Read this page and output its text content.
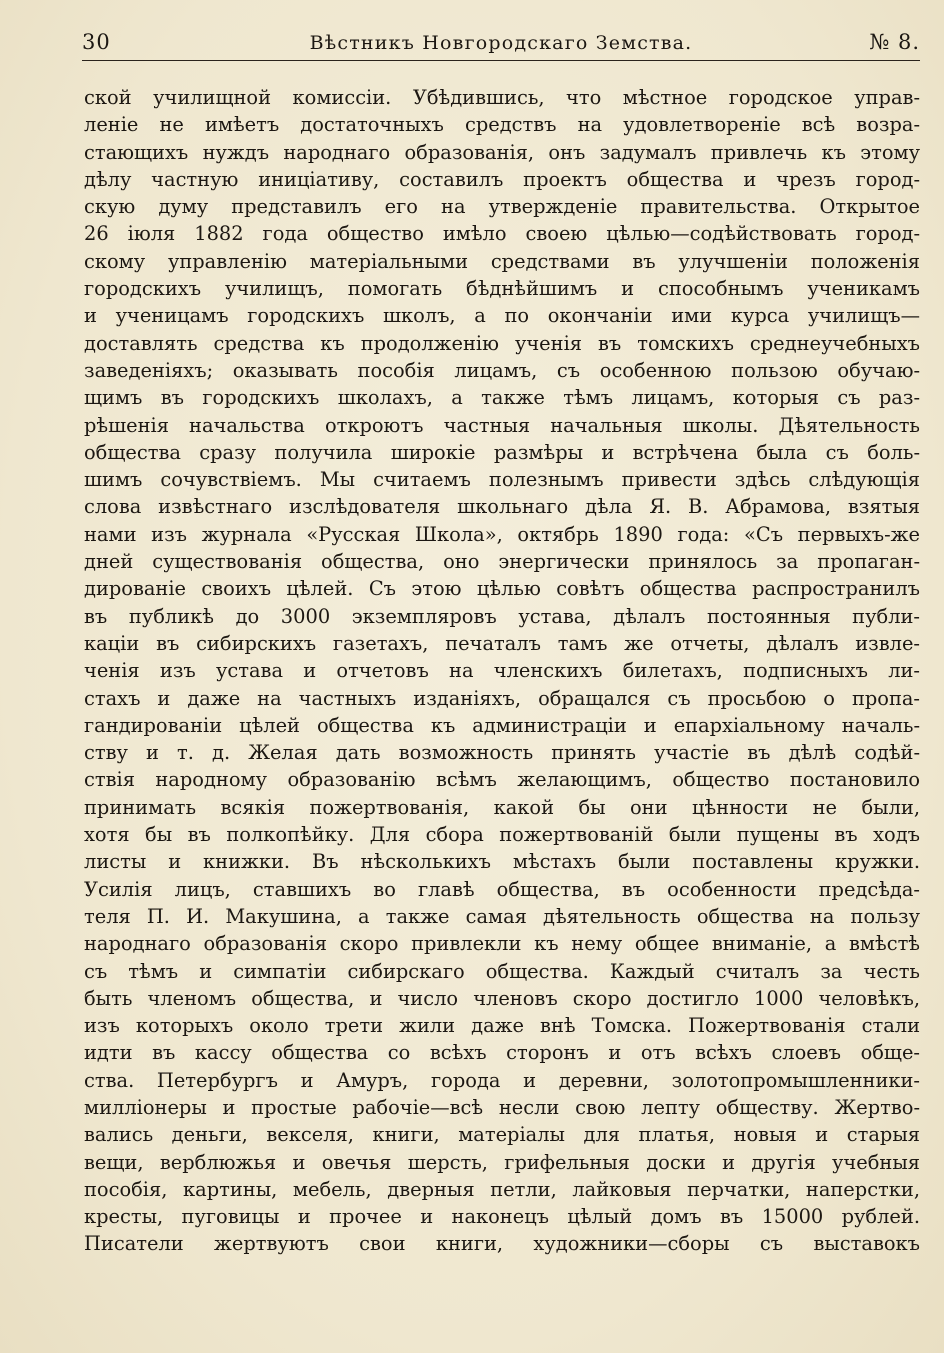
30	Вѣстникъ Новгородскаго Земства.	№ 8.
ской училищной комиссіи. Убѣдившись, что мѣстное городское управ-
леніе не имѣетъ достаточныхъ средствъ на удовлетвореніе всѣ возра-
стающихъ нуждъ народнаго образованія, онъ задумалъ привлечь къ этому
дѣлу частную иниціативу, составилъ проектъ общества и чрезъ город-
скую думу представилъ его на утвержденіе правительства. Открытое
26 іюля 1882 года общество имѣло своею цѣлью—содѣйствовать город-
скому управленію матеріальными средствами въ улучшеніи положенія
городскихъ училищъ, помогать бѣднѣйшимъ и способнымъ ученикамъ
и ученицамъ городскихъ школъ, а по окончаніи ими курса училищъ—
доставлять средства къ продолженію ученія въ томскихъ среднеучебныхъ
заведеніяхъ; оказывать пособія лицамъ, съ особенною пользою обучаю-
щимъ въ городскихъ школахъ, а также тѣмъ лицамъ, которыя съ раз-
рѣшенія начальства откроютъ частныя начальныя школы. Дѣятельность
общества сразу получила широкіе размѣры и встрѣчена была съ боль-
шимъ сочувствіемъ. Мы считаемъ полезнымъ привести здѣсь слѣдующія
слова извѣстнаго изслѣдователя школьнаго дѣла Я. В. Абрамова, взятыя
нами изъ журнала «Русская Школа», октябрь 1890 года: «Съ первыхъ-же
дней существованія общества, оно энергически принялось за пропаган-
дированіе своихъ цѣлей. Съ этою цѣлью совѣтъ общества распространилъ
въ публикѣ до 3000 экземпляровъ устава, дѣлалъ постоянныя публи-
каціи въ сибирскихъ газетахъ, печаталъ тамъ же отчеты, дѣлалъ извле-
ченія изъ устава и отчетовъ на членскихъ билетахъ, подписныхъ ли-
стахъ и даже на частныхъ изданіяхъ, обращался съ просьбою о пропа-
гандированіи цѣлей общества къ администраціи и епархіальному началь-
ству и т. д. Желая дать возможность принять участіе въ дѣлѣ содѣй-
ствія народному образованію всѣмъ желающимъ, общество постановило
принимать всякія пожертвованія, какой бы они цѣнности не были,
хотя бы въ полкопѣйку. Для сбора пожертвованій были пущены въ ходъ
листы и книжки. Въ нѣсколькихъ мѣстахъ были поставлены кружки.
Усилія лицъ, ставшихъ во главѣ общества, въ особенности предсѣда-
теля П. И. Макушина, а также самая дѣятельность общества на пользу
народнаго образованія скоро привлекли къ нему общее вниманіе, а вмѣстѣ
съ тѣмъ и симпатіи сибирскаго общества. Каждый считалъ за честь
быть членомъ общества, и число членовъ скоро достигло 1000 человѣкъ,
изъ которыхъ около трети жили даже внѣ Томска. Пожертвованія стали
идти въ кассу общества со всѣхъ сторонъ и отъ всѣхъ слоевъ обще-
ства. Петербургъ и Амуръ, города и деревни, золотопромышленники-
милліонеры и простые рабочіе—всѣ несли свою лепту обществу. Жертво-
вались деньги, векселя, книги, матеріалы для платья, новыя и старыя
вещи, верблюжья и овечья шерсть, грифельныя доски и другія учебныя
пособія, картины, мебель, дверныя петли, лайковыя перчатки, наперстки,
кресты, пуговицы и прочее и наконецъ цѣлый домъ въ 15000 рублей.
Писатели жертвуютъ свои книги, художники—сборы съ выставокъ
